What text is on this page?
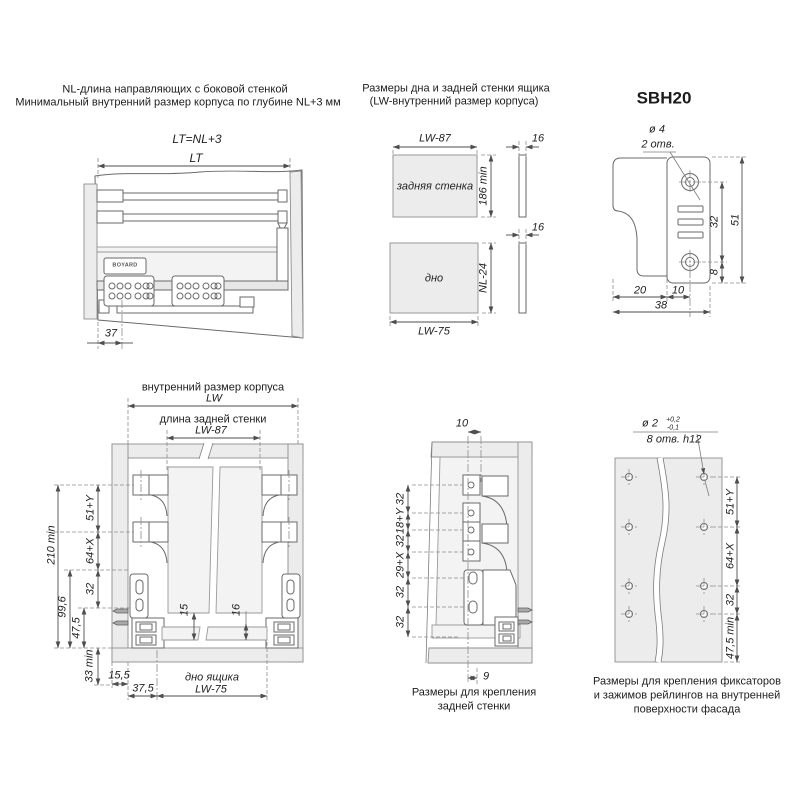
NL-длина направляющих с боковой стенкой
Минимальный внутренний размер корпуса по глубине NL+3 мм
LT=NL+3
LT
37
BOYARD
Размеры дна и задней стенки ящика
(LW-внутренний размер корпуса)
LW-87	16
задняя стенка 186 min
дно	NL-24
16
LW-75
SBH20
ø 4
2 отв.
32 51
8
20 10
38
внутренний размер корпуса
LW
длина задней стенки
LW-87
210 min
51+Y
64+X
32
99,6
47,5
33 min 15,5
37,5
15	16
дно ящика
LW-75
10
32
18+Y
32
29+X
32
32
9
Размеры для крепления
задней стенки
ø 2 +0,2
-0,1
8 отв. h12
51+Y
64+X
32
47,5 min
Размеры для крепления фиксаторов
и зажимов рейлингов на внутренней
поверхности фасада
